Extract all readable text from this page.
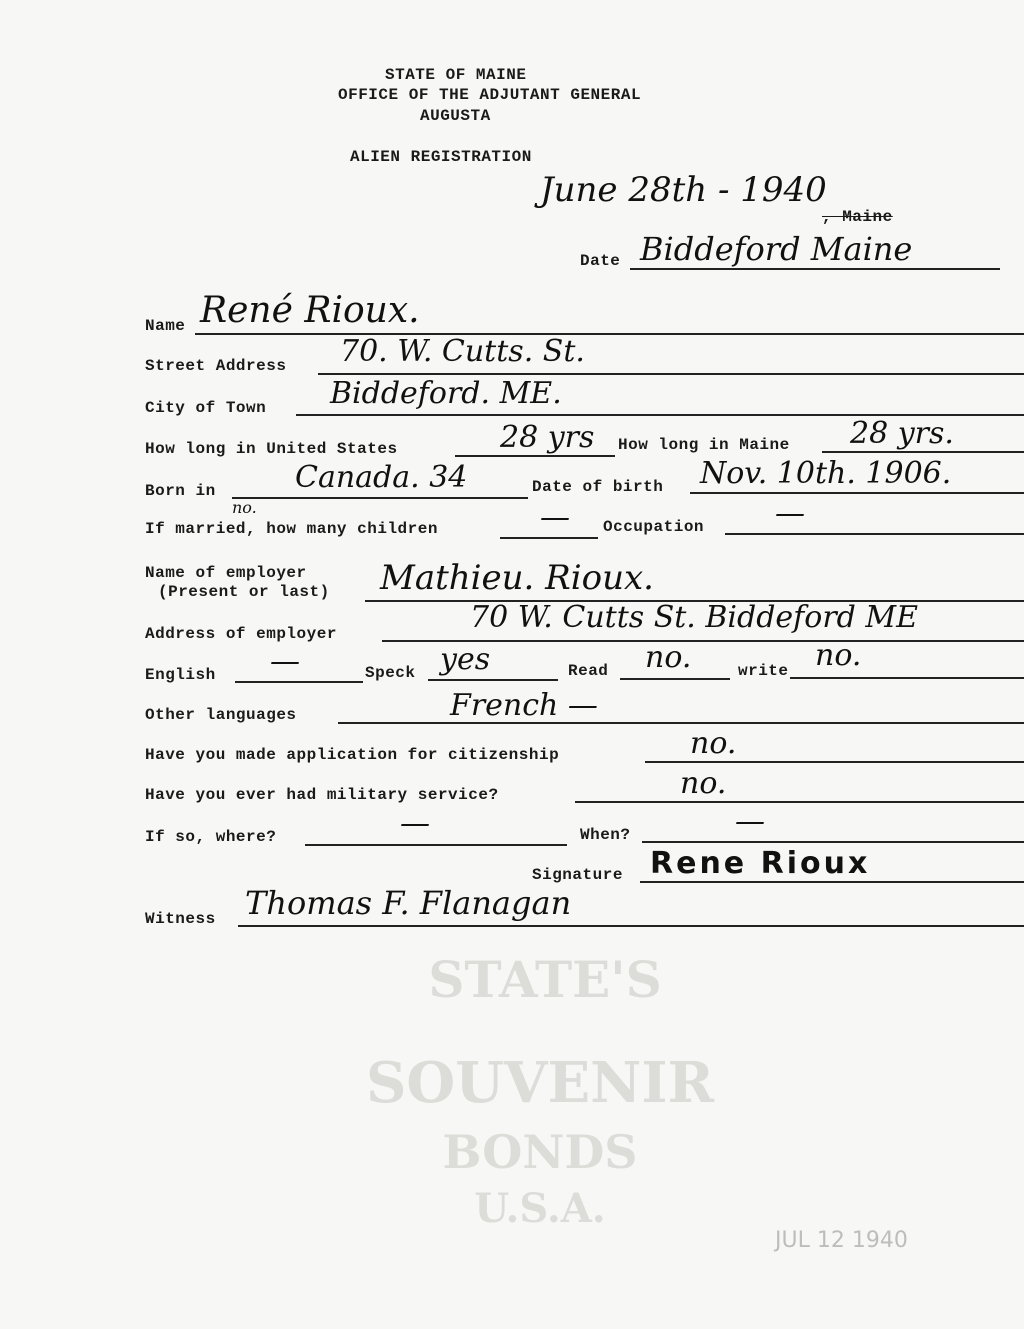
STATE OF MAINE
OFFICE OF THE ADJUTANT GENERAL
AUGUSTA
ALIEN REGISTRATION
June 28th - 1940
, Maine
Date Biddeford Maine
Name René Rioux.
Street Address 70. W. Cutts. St.
City of Town Biddeford. ME.
How long in United States	28 yrs How long in Maine 28 yrs.
Born in	Canada. 34	Date of birth Nov. 10th. 1906.
no.
If married, how many children	— Occupation —
Name of employer
(Present or last) Mathieu. Rioux.
Address of employer	70 W. Cutts St. Biddeford ME
English —	Speck yes	Read no.	write no.
Other languages	French —
Have you made application for citizenship	no.
Have you ever had military service?	no.
If so, where?	—	When?	—
Signature Rene Rioux
Witness Thomas F. Flanagan
STATE'S
SOUVENIR
BONDS
U.S.A.
JUL 12 1940
